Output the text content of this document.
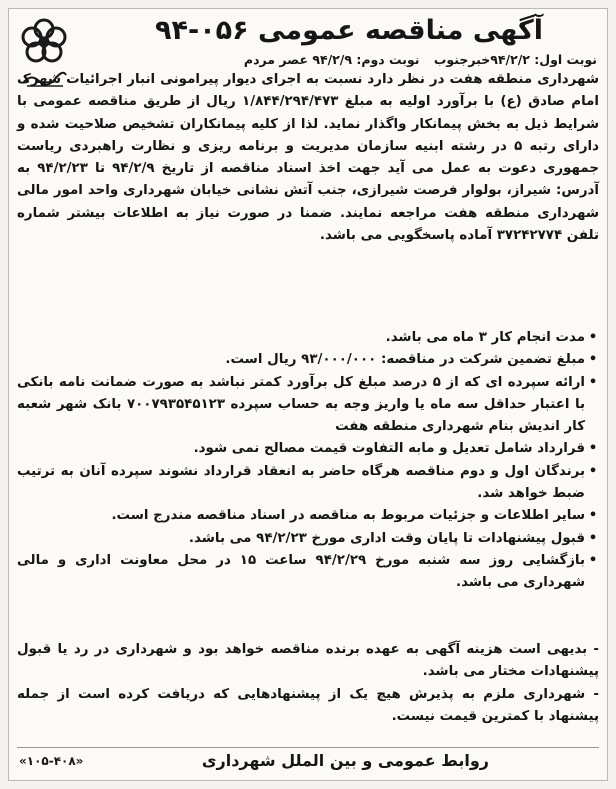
آگهی مناقصه عمومی ۰۵۶-۹۴
نوبت اول: ۹۴/۲/۲خبرجنوب نوبت دوم: ۹۴/۲/۹ عصر مردم

شهرداری منطقه هفت در نظر دارد نسبت به اجرای دیوار پیرامونی انبار اجرائیات شهرک امام صادق (ع) با برآورد اولیه به مبلغ ۱/۸۴۴/۲۹۴/۴۷۳ ریال از طریق مناقصه عمومی با شرایط ذیل به بخش پیمانکار واگذار نماید. لذا از کلیه پیمانکاران تشخیص صلاحیت شده و دارای رتبه ۵ در رشته ابنیه سازمان مدیریت و برنامه ریزی و نظارت راهبردی ریاست جمهوری دعوت به عمل می آید جهت اخذ اسناد مناقصه از تاریخ ۹۴/۲/۹ تا ۹۴/۲/۲۳ به آدرس: شیراز، بولوار فرصت شیرازی، جنب آتش نشانی خیابان شهرداری واحد امور مالی شهرداری منطقه هفت مراجعه نمایند. ضمنا در صورت نیاز به اطلاعات بیشتر شماره تلفن ۳۷۲۴۲۷۷۴ آماده پاسخگویی می باشد.

•
مدت انجام کار ۳ ماه می باشد.
•
مبلغ تضمین شرکت در مناقصه: ۹۳/۰۰۰/۰۰۰ ریال است.
•
ارائه سپرده ای که از ۵ درصد مبلغ کل برآورد کمتر نباشد به صورت ضمانت نامه بانکی با اعتبار حداقل سه ماه یا واریز وجه به حساب سپرده ۷۰۰۷۹۳۵۴۵۱۲۳ بانک شهر شعبه کار اندیش بنام شهرداری منطقه هفت
•
قرارداد شامل تعدیل و مابه التفاوت قیمت مصالح نمی شود.
•
برندگان اول و دوم مناقصه هرگاه حاضر به انعقاد قرارداد نشوند سپرده آنان به ترتیب ضبط خواهد شد.
•
سایر اطلاعات و جزئیات مربوط به مناقصه در اسناد مناقصه مندرج است.
•
قبول پیشنهادات تا پایان وقت اداری مورخ ۹۴/۲/۲۳ می باشد.
•
بازگشایی روز سه شنبه مورخ ۹۴/۲/۲۹ ساعت ۱۵ در محل معاونت اداری و مالی شهرداری می باشد.

- بدیهی است هزینه آگهی به عهده برنده مناقصه خواهد بود و شهرداری در رد یا قبول پیشنهادات مختار می باشد.

- شهرداری ملزم به پذیرش هیچ یک از پیشنهادهایی که دریافت کرده است از جمله پیشنهاد با کمترین قیمت نیست.

روابط عمومی و بین الملل شهرداری
«۱۰۵-۴۰۸»
